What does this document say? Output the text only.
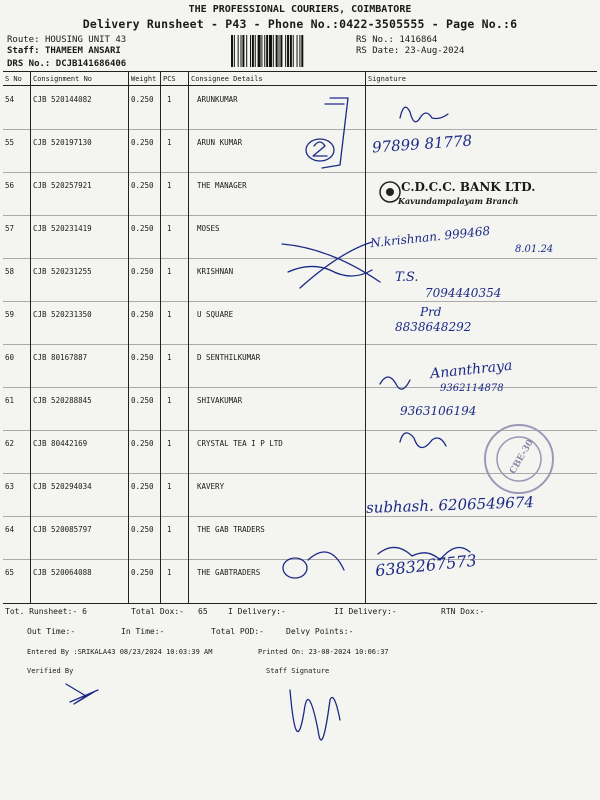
THE PROFESSIONAL COURIERS, COIMBATORE
Delivery Runsheet - P43 - Phone No.:0422-3505555 - Page No.:6
Route: HOUSING UNIT 43
Staff: THAMEEM ANSARI
DRS No.: DCJB141686406
RS No.: 1416864
RS Date: 23-Aug-2024
S No Consignment No	Weight PCS Consignee Details	Signature
54	CJB 520144082	0.250 1	ARUNKUMAR
55	CJB 520197130	0.250 1	ARUN KUMAR
56	CJB 520257921	0.250 1	THE MANAGER
57	CJB 520231419	0.250 1	MOSES
58	CJB 520231255	0.250 1	KRISHNAN
59	CJB 520231350	0.250 1	U SQUARE
60	CJB 80167887	0.250 1	D SENTHILKUMAR
61	CJB 520288845	0.250 1	SHIVAKUMAR
62	CJB 80442169	0.250 1	CRYSTAL TEA I P LTD
63	CJB 520294034	0.250 1	KAVERY
64	CJB 520085797	0.250 1	THE GAB TRADERS
65	CJB 520064088	0.250 1	THE GABTRADERS
97899 81778
N.krishnan. 999468 8.01.24
T.S.
7094440354
Prd
8838648292
Ananthraya
9362114878
9363106194
subhash. 6206549674
6383267573
C.D.C.C. BANK LTD.
Kavundampalayam Branch
CBE-30
Tot. Runsheet:- 6	Total Dox:- 65	I Delivery:-	II Delivery:-	RTN Dox:-
Out Time:-	In Time:-	Total POD:-	Delvy Points:-
Entered By :SRIKALA43 08/23/2024 10:03:39 AM	Printed On: 23-08-2024 10:06:37
Verified By	Staff Signature
